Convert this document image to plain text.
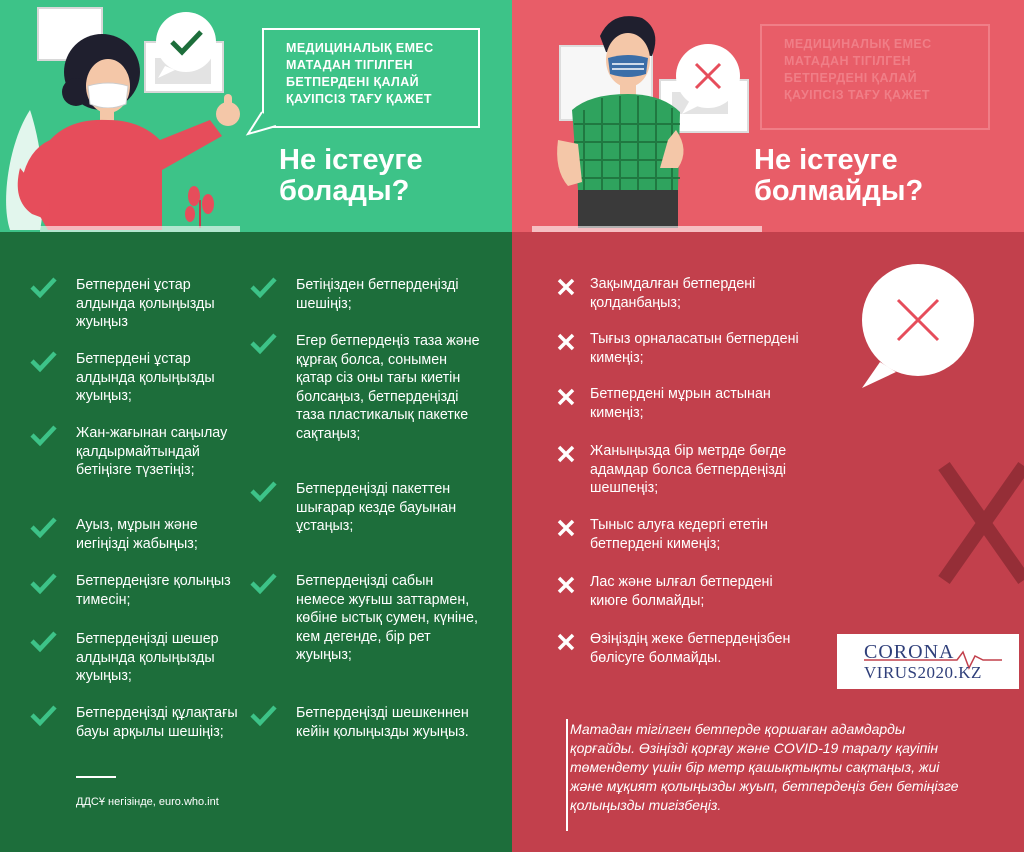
МЕДИЦИНАЛЫҚ ЕМЕС МАТАДАН ТІГІЛГЕН БЕТПЕРДЕНІ ҚАЛАЙ ҚАУІПСІЗ ТАҒУ ҚАЖЕТ
Не істеуге
болады?
Бетпердені ұстар алдында қолыңызды жуыңыз
Бетпердені ұстар алдында қолыңызды жуыңыз;
Жан-жағынан саңылау қалдырмайтындай бетіңізге түзетіңіз;
Ауыз, мұрын және иегіңізді жабыңыз;
Бетпердеңізге қолыңыз тимесін;
Бетпердеңізді шешер алдында қолыңызды жуыңыз;
Бетпердеңізді құлақтағы бауы арқылы шешіңіз;
Бетіңізден бетпердеңізді шешіңіз;
Егер бетпердеңіз таза және құрғақ болса, сонымен қатар сіз оны тағы киетін болсаңыз, бетпердеңізді таза пластикалық пакетке сақтаңыз;
Бетпердеңізді пакеттен шығарар кезде бауынан ұстаңыз;
Бетпердеңізді сабын немесе жуғыш заттармен, көбіне ыстық сумен, күніне, кем дегенде, бір рет жуыңыз;
Бетпердеңізді шешкеннен кейін қолыңызды жуыңыз.
ДДСҰ негізінде, euro.who.int
МЕДИЦИНАЛЫҚ ЕМЕС МАТАДАН ТІГІЛГЕН БЕТПЕРДЕНІ ҚАЛАЙ ҚАУІПСІЗ ТАҒУ ҚАЖЕТ
Не істеуге
болмайды?
Зақымдалған бетпердені қолданбаңыз;
Тығыз орналасатын бетпердені кимеңіз;
Бетпердені мұрын астынан кимеңіз;
Жаныңызда бір метрде бөгде адамдар болса бетпердеңізді шешпеңіз;
Тыныс алуға кедергі ететін бетпердені кимеңіз;
Лас және ылғал бетпердені киюге болмайды;
Өзіңіздің жеке бетпердеңізбен бөлісуге болмайды.	CORONA
VIRUS2020.KZ
Матадан тігілген бетперде қоршаған адамдарды қорғайды. Өзіңізді қорғау және COVID-19 таралу қауіпін төмендету үшін бір метр қашықтықты сақтаңыз, жиі және мұқият қолыңызды жуып, бетпердеңіз бен бетіңізге қолыңызды тигізбеңіз.
